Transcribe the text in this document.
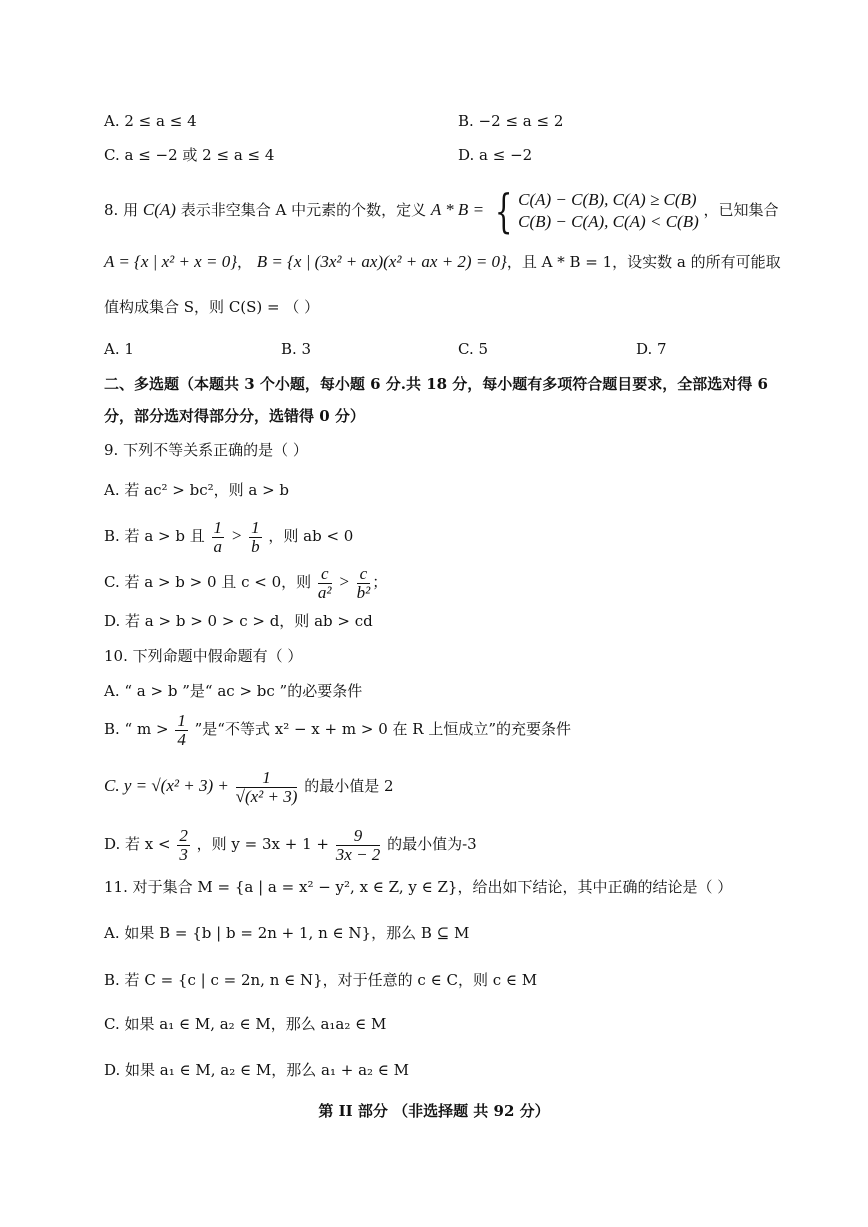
A. 2 ≤ a ≤ 4	B. −2 ≤ a ≤ 2
C. a ≤ −2 或 2 ≤ a ≤ 4	D. a ≤ −2
8. 用 C(A) 表示非空集合 A 中元素的个数，定义 A * B = { C(A) − C(B), C(A) ≥ C(B)
C(B) − C(A), C(A) < C(B)
，已知集合
A = {x | x² + x = 0}， B = {x | (3x² + ax)(x² + ax + 2) = 0}，且 A * B = 1，设实数 a 的所有可能取
值构成集合 S，则 C(S) = （ ）
A. 1	B. 3	C. 5	D. 7
二、多选题（本题共 3 个小题，每小题 6 分.共 18 分，每小题有多项符合题目要求，全部选对得 6
分，部分选对得部分分，选错得 0 分）
9. 下列不等关系正确的是（ ）
A. 若 ac² > bc²，则 a > b
B. 若 a > b 且 $\frac{1}{a} > \frac{1}{b}$ ，则 ab < 0
C. 若 a > b > 0 且 c < 0，则 $\frac{c}{\text{a²}} > \frac{c}{\text{b²}}$ ；
D. 若 a > b > 0 > c > d，则 ab > cd
10. 下列命题中假命题有（ ）
A. “ a > b ”是“ ac > bc ”的必要条件
B. “ $m > \frac{1}{4}$ ”是“不等式 x² − x + m > 0 在 R 上恒成立”的充要条件
C. $y = √(x^2 + 3) + \frac{1}{\text{√(x² + 3)}}$ 的最小值是 2
D. 若 $x < \frac{2}{3}$ ，则 $y = 3x + 1 + \frac{9}{3x - 2}$ 的最小值为-3
11. 对于集合 M = {a | a = x² − y², x ∈ Z, y ∈ Z}，给出如下结论，其中正确的结论是（ ）
A. 如果 B = {b | b = 2n + 1, n ∈ N}，那么 B ⊆ M
B. 若 C = {c | c = 2n, n ∈ N}，对于任意的 c ∈ C，则 c ∈ M
C. 如果 a₁ ∈ M, a₂ ∈ M，那么 a₁a₂ ∈ M
D. 如果 a₁ ∈ M, a₂ ∈ M，那么 a₁ + a₂ ∈ M
第 II 部分 （非选择题 共 92 分）
